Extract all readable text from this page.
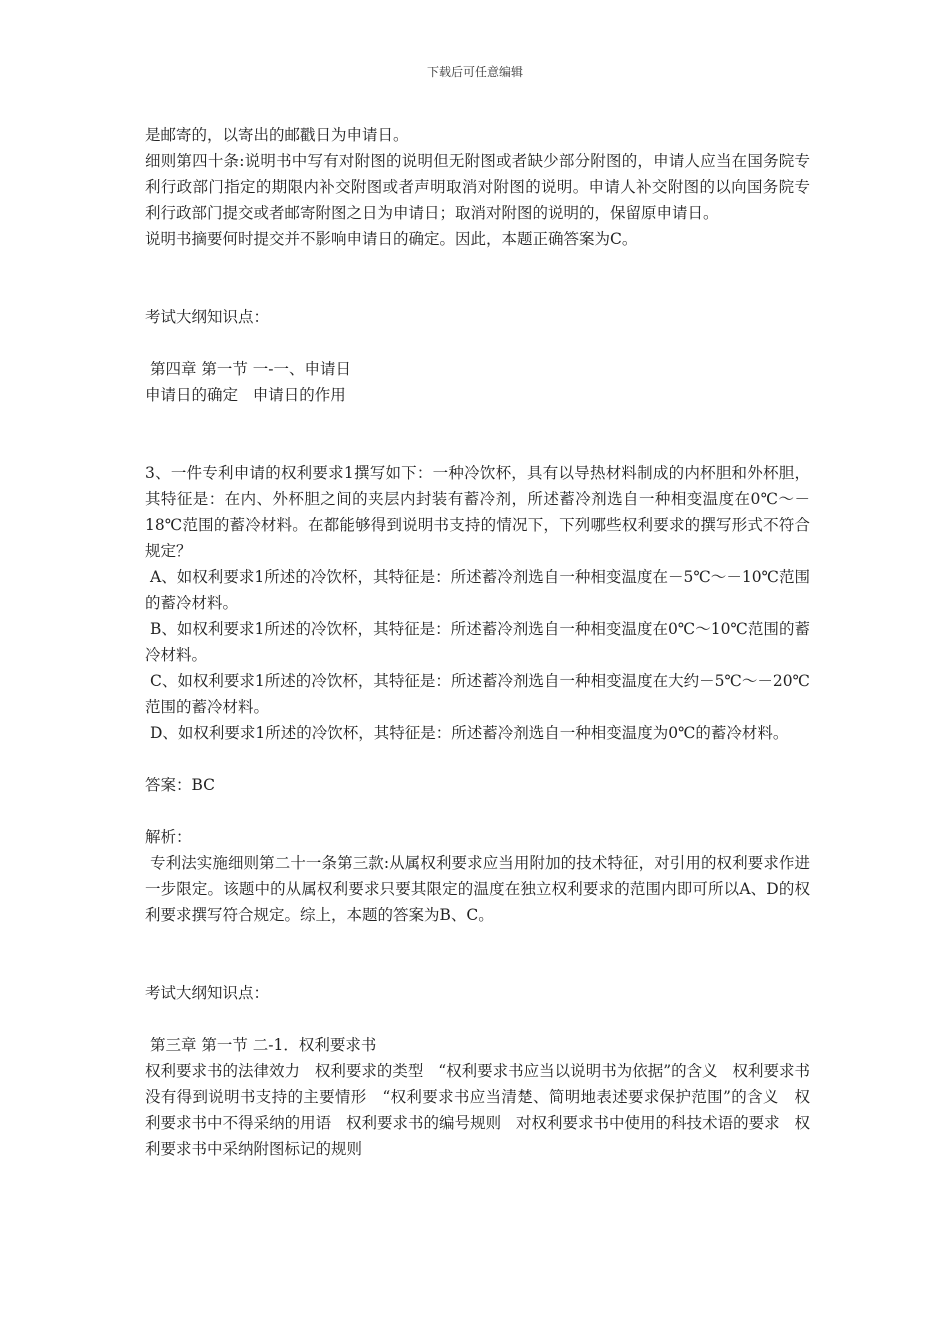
下载后可任意编辑

是邮寄的，以寄出的邮戳日为申请日。

细则第四十条:说明书中写有对附图的说明但无附图或者缺少部分附图的，申请人应当在国务院专利行政部门指定的期限内补交附图或者声明取消对附图的说明。申请人补交附图的以向国务院专利行政部门提交或者邮寄附图之日为申请日；取消对附图的说明的，保留原申请日。

说明书摘要何时提交并不影响申请日的确定。因此，本题正确答案为C。

考试大纲知识点：

第四章 第一节 一-一、申请日

申请日的确定   申请日的作用

3、一件专利申请的权利要求1撰写如下：一种冷饮杯，具有以导热材料制成的内杯胆和外杯胆，其特征是：在内、外杯胆之间的夹层内封装有蓄冷剂，所述蓄冷剂选自一种相变温度在0℃～－18℃范围的蓄冷材料。在都能够得到说明书支持的情况下，下列哪些权利要求的撰写形式不符合规定？

A、如权利要求1所述的冷饮杯，其特征是：所述蓄冷剂选自一种相变温度在－5℃～－10℃范围的蓄冷材料。

B、如权利要求1所述的冷饮杯，其特征是：所述蓄冷剂选自一种相变温度在0℃～10℃范围的蓄冷材料。

C、如权利要求1所述的冷饮杯，其特征是：所述蓄冷剂选自一种相变温度在大约－5℃～－20℃范围的蓄冷材料。

D、如权利要求1所述的冷饮杯，其特征是：所述蓄冷剂选自一种相变温度为0℃的蓄冷材料。

答案：BC

解析：

专利法实施细则第二十一条第三款:从属权利要求应当用附加的技术特征，对引用的权利要求作进一步限定。该题中的从属权利要求只要其限定的温度在独立权利要求的范围内即可所以A、D的权利要求撰写符合规定。综上，本题的答案为B、C。

考试大纲知识点：

第三章 第一节 二-1．权利要求书

权利要求书的法律效力   权利要求的类型   “权利要求书应当以说明书为依据”的含义   权利要求书没有得到说明书支持的主要情形   “权利要求书应当清楚、简明地表述要求保护范围”的含义   权利要求书中不得采纳的用语   权利要求书的编号规则   对权利要求书中使用的科技术语的要求   权利要求书中采纳附图标记的规则
